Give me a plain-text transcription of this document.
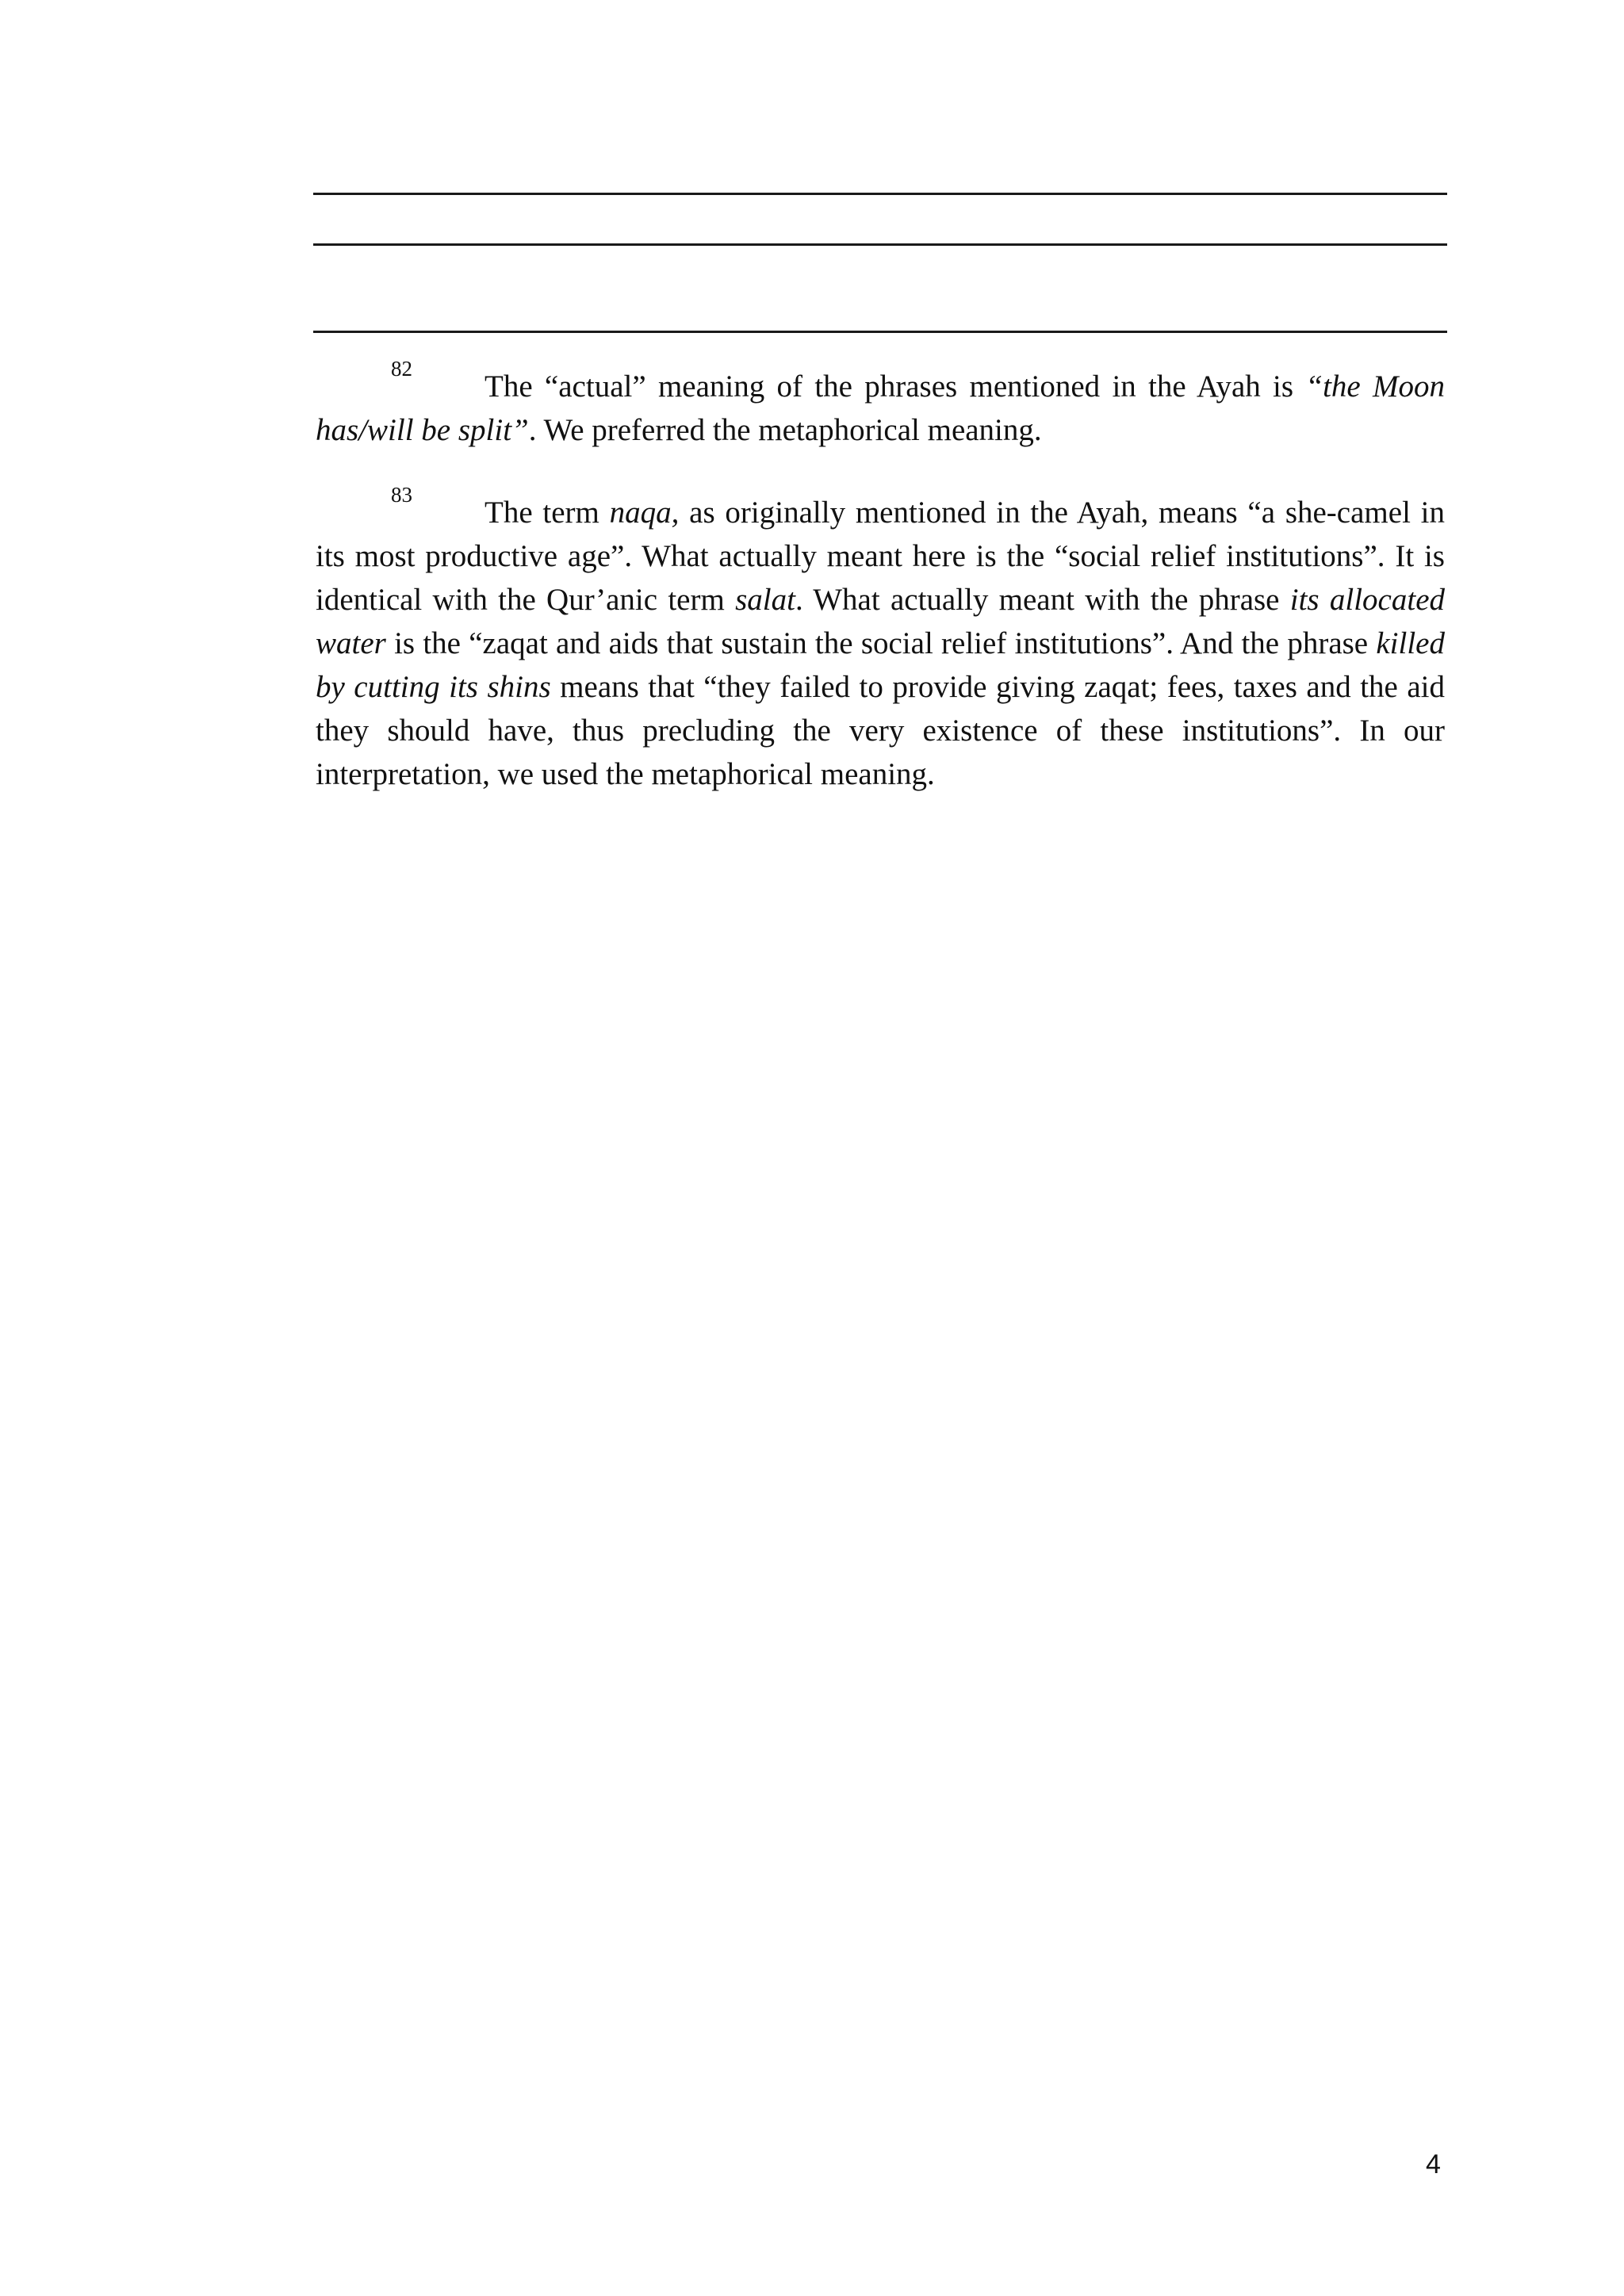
82
The “actual” meaning of the phrases mentioned in the Ayah is “the Moon has/will be split”. We preferred the metaphorical meaning.

83
The term naqa, as originally mentioned in the Ayah, means “a she-camel in its most productive age”. What actually meant here is the “social relief institutions”. It is identical with the Qur’anic term salat. What actually meant with the phrase its allocated water is the “zaqat and aids that sustain the social relief institutions”. And the phrase killed by cutting its shins means that “they failed to provide giving zaqat; fees, taxes and the aid they should have, thus precluding the very existence of these institutions”. In our interpretation, we used the metaphorical meaning.

4
